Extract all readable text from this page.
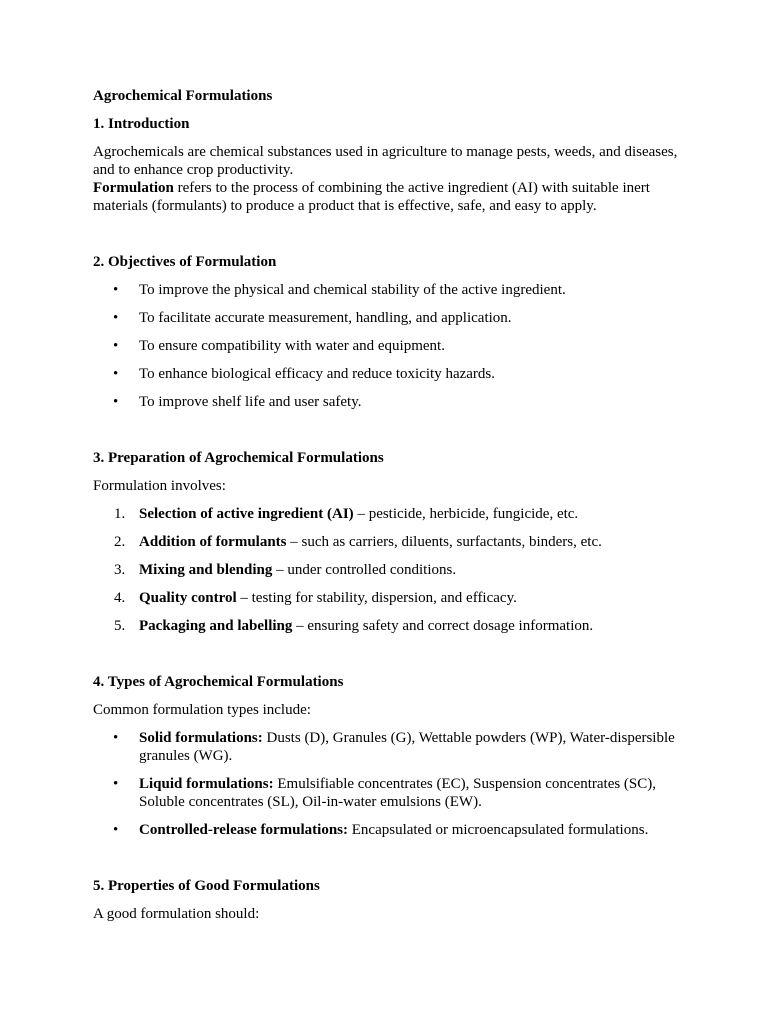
Agrochemical Formulations

1. Introduction

Agrochemicals are chemical substances used in agriculture to manage pests, weeds, and diseases, and to enhance crop productivity.

Formulation refers to the process of combining the active ingredient (AI) with suitable inert materials (formulants) to produce a product that is effective, safe, and easy to apply.

2. Objectives of Formulation

•	To improve the physical and chemical stability of the active ingredient.
•	To facilitate accurate measurement, handling, and application.
•	To ensure compatibility with water and equipment.
•	To enhance biological efficacy and reduce toxicity hazards.
•	To improve shelf life and user safety.

3. Preparation of Agrochemical Formulations

Formulation involves:

1. Selection of active ingredient (AI) – pesticide, herbicide, fungicide, etc.
2. Addition of formulants – such as carriers, diluents, surfactants, binders, etc.
3. Mixing and blending – under controlled conditions.
4. Quality control – testing for stability, dispersion, and efficacy.
5. Packaging and labelling – ensuring safety and correct dosage information.

4. Types of Agrochemical Formulations

Common formulation types include:

•	Solid formulations: Dusts (D), Granules (G), Wettable powders (WP), Water-dispersible granules (WG).
•	Liquid formulations: Emulsifiable concentrates (EC), Suspension concentrates (SC), Soluble concentrates (SL), Oil-in-water emulsions (EW).
•	Controlled-release formulations: Encapsulated or microencapsulated formulations.

5. Properties of Good Formulations

A good formulation should:
